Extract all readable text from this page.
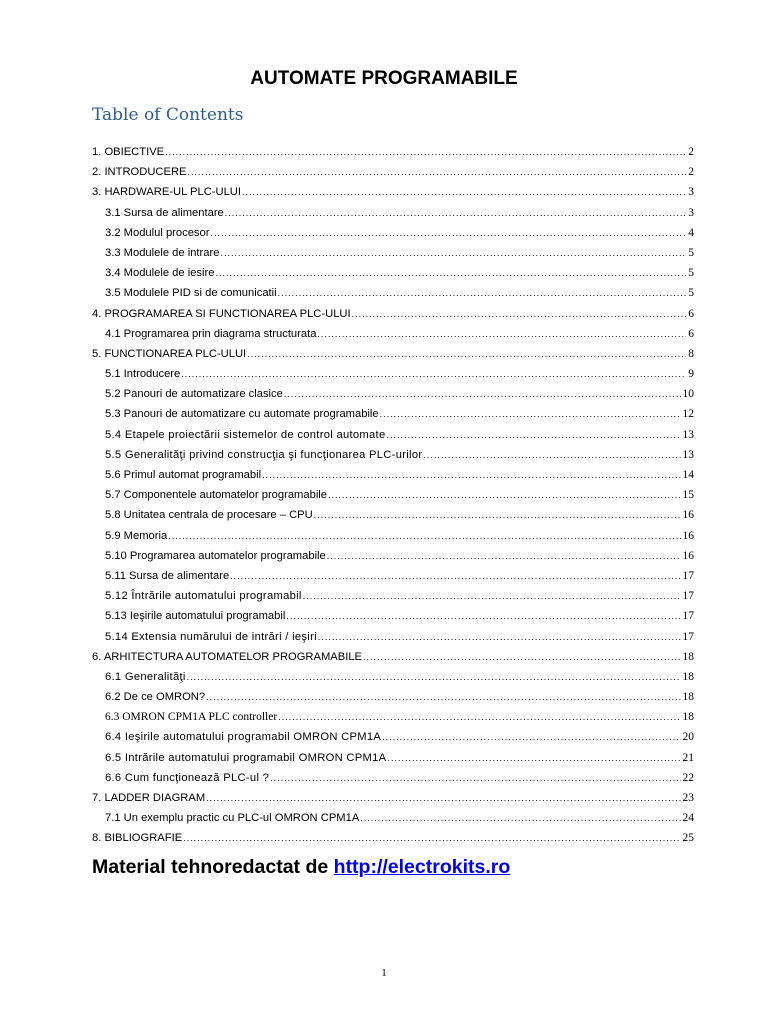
AUTOMATE PROGRAMABILE
Table of Contents
1. OBIECTIVE .....	2
2. INTRODUCERE .....	2
3. HARDWARE-UL PLC-ULUI .....	3
3.1 Sursa de alimentare .....	3
3.2 Modulul procesor .....	4
3.3 Modulele de intrare .....	5
3.4 Modulele de iesire .....	5
3.5 Modulele PID si de comunicatii .....	5
4. PROGRAMAREA SI FUNCTIONAREA PLC-ULUI .....	6
4.1 Programarea prin diagrama structurata .....	6
5. FUNCTIONAREA PLC-ULUI .....	8
5.1 Introducere .....	9
5.2 Panouri de automatizare clasice .....	10
5.3 Panouri de automatizare cu automate programabile .....	12
5.4 Etapele proiectării sistemelor de control automate .....	13
5.5 Generalităţi privind construcţia şi funcţionarea PLC-urilor .....	13
5.6 Primul automat programabil .....	14
5.7 Componentele automatelor programabile .....	15
5.8 Unitatea centrala de procesare – CPU .....	16
5.9 Memoria .....	16
5.10 Programarea automatelor programabile .....	16
5.11 Sursa de alimentare .....	17
5.12 Întrările automatului programabil .....	17
5.13 Ieşirile automatului programabil .....	17
5.14 Extensia numărului de intrări / ieşiri .....	17
6. ARHITECTURA AUTOMATELOR PROGRAMABILE .....	18
6.1 Generalităţi .....	18
6.2 De ce OMRON? .....	18
6.3 OMRON CPM1A PLC controller .....	18
6.4 Ieşirile automatului programabil OMRON CPM1A .....	20
6.5 Intrările automatului programabil OMRON CPM1A .....	21
6.6 Cum funcţionează PLC-ul ? .....	22
7. LADDER DIAGRAM .....	23
7.1 Un exemplu practic cu PLC-ul OMRON CPM1A .....	24
8. BIBLIOGRAFIE .....	25
Material tehnoredactat de http://electrokits.ro
1
